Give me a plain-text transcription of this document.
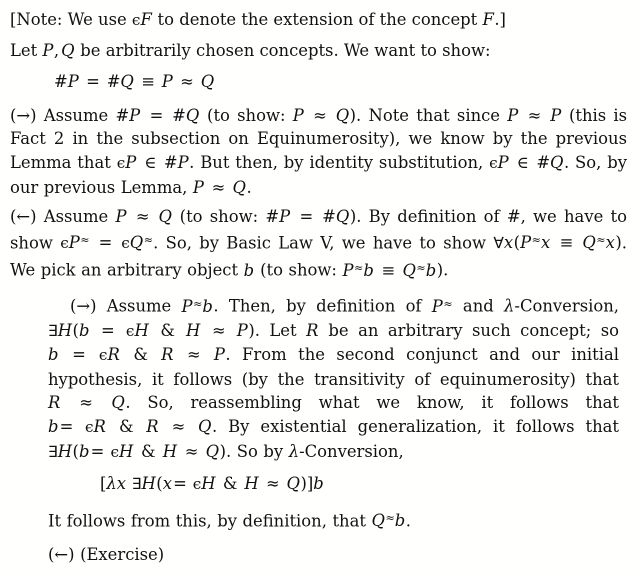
[Note: We use ϵF to denote the extension of the concept F.]
Let P, Q be arbitrarily chosen concepts. We want to show:
#P = #Q ≡ P ≈ Q

(→) Assume #P = #Q (to show: P ≈ Q). Note that since P ≈ P (this is Fact 2 in the subsection on Equinumerosity), we know by the previous Lemma that ϵP ∈ #P. But then, by identity substitution, ϵP ∈ #Q. So, by our previous Lemma, P ≈ Q.

(←) Assume P ≈ Q (to show: #P = #Q). By definition of #, we have to show ϵP≈ = ϵQ≈. So, by Basic Law V, we have to show ∀x(P≈x ≡ Q≈x). We pick an arbitrary object b (to show: P≈b ≡ Q≈b).

(→) Assume P≈b. Then, by definition of P≈ and λ-Conversion, ∃H(b = ϵH & H ≈ P). Let R be an arbitrary such concept; so b = ϵR & R ≈ P. From the second conjunct and our initial hypothesis, it follows (by the transitivity of equinumerosity) that R ≈ Q. So, reassembling what we know, it follows that b= ϵR & R ≈ Q. By existential generalization, it follows that ∃H(b= ϵH & H ≈ Q). So by λ-Conversion,

[λx ∃H(x= ϵH & H ≈ Q)]b

It follows from this, by definition, that Q≈b.

(←) (Exercise)
